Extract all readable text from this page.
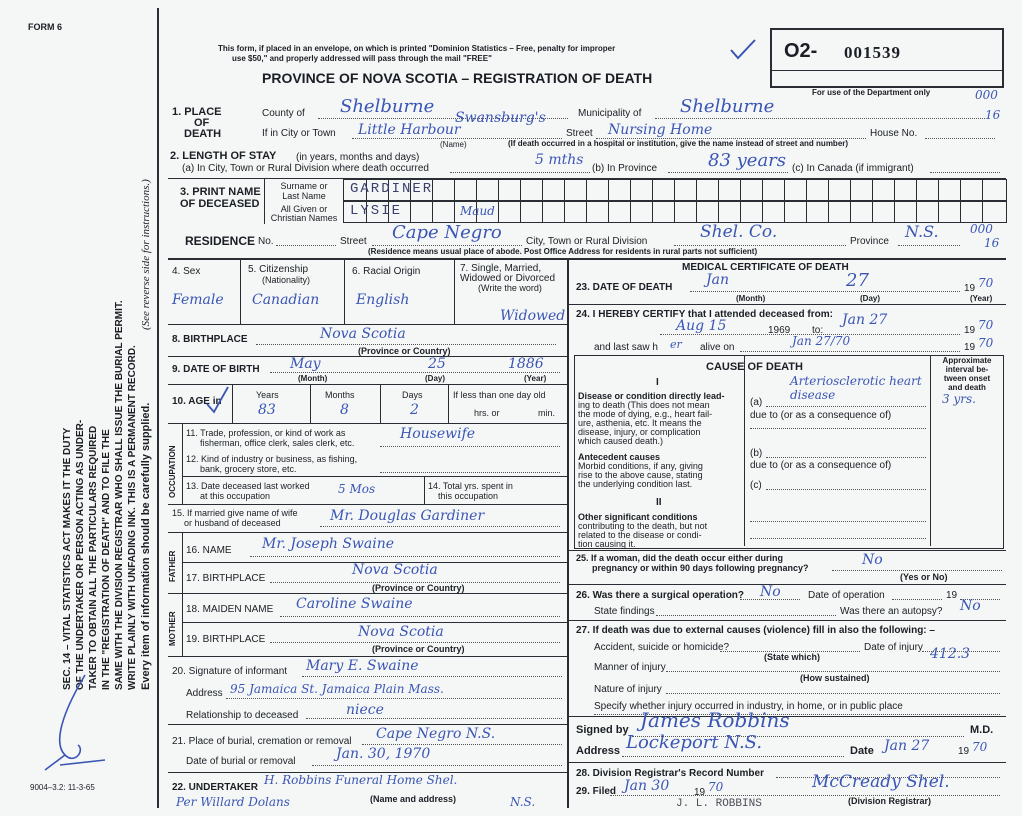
FORM 6
SEC. 14 – VITAL STATISTICS ACT MAKES IT THE DUTY OF THE UNDERTAKER OR PERSON ACTING AS UNDER- TAKER TO OBTAIN ALL THE PARTICULARS REQUIRED IN THE "REGISTRATION OF DEATH" AND TO FILE THE SAME WITH THE DIVISION REGISTRAR WHO SHALL ISSUE THE BURIAL PERMIT. WRITE PLAINLY WITH UNFADING INK. THIS IS A PERMANENT RECORD. Every item of information should be carefully supplied.
(See reverse side for instructions.)
9004–3.2: 11-3-65
This form, if placed in an envelope, on which is printed "Dominion Statistics – Free, penalty for improper
use $50," and properly addressed will pass through the mail "FREE"
PROVINCE OF NOVA SCOTIA – REGISTRATION OF DEATH
O2- 001539
For use of the Department only	000
16
1. PLACE
OF
DEATH
County of Shelburne	Municipality of Shelburne
If in City or Town Little Harbour
Swansburg's
(Name)
Street Nursing Home	House No.
(If death occurred in a hospital or institution, give the name instead of street and number)
2. LENGTH OF STAY (in years, months and days)
(a) In City, Town or Rural Division where death occurred
5 mths
(b) In Province	83 years (c) In Canada (if immigrant)
3. PRINT NAME
OF DECEASED
Surname or
Last Name
All Given or
Christian Names
GARDINER
LYSIE	Maud
RESIDENCE No.	Street Cape Negro City, Town or Rural Division	Shel. Co.	Province
N.S.	000
16
(Residence means usual place of abode. Post Office Address for residents in rural parts not sufficient)
4. Sex
Female
5. Citizenship
(Nationality)
Canadian
6. Racial Origin
English
7. Single, Married,
Widowed or Divorced
(Write the word)
Widowed
8. BIRTHPLACE	Nova Scotia
(Province or Country)
9. DATE OF BIRTH May	25	1886
(Month)	(Day)	(Year)
10. AGE in
Years	Months	Days
83	8	2
If less than one day old
hrs. or	min.
OCCUPATION
11. Trade, profession, or kind of work as
fisherman, office clerk, sales clerk, etc.
Housewife
12. Kind of industry or business, as fishing,
bank, grocery store, etc.
13. Date deceased last worked
at this occupation	5 Mos	14. Total yrs. spent in
this occupation
15. If married give name of wife
or husband of deceased	Mr. Douglas Gardiner
FATHER
16. NAME Mr. Joseph Swaine
17. BIRTHPLACE
Nova Scotia
(Province or Country)
MOTHER
18. MAIDEN NAME Caroline Swaine
19. BIRTHPLACE	Nova Scotia
(Province or Country)
20. Signature of informant Mary E. Swaine
Address 95 Jamaica St. Jamaica Plain Mass.
Relationship to deceased	niece
21. Place of burial, cremation or removal
Date of burial or removal
Cape Negro N.S.
Jan. 30, 1970
22. UNDERTAKER
H. Robbins Funeral Home Shel.
Per Willard Dolans	N.S.
(Name and address)
MEDICAL CERTIFICATE OF DEATH
23. DATE OF DEATH Jan	27	19 70
(Month)	(Day)	(Year)
24. I HEREBY CERTIFY that I attended deceased from:
Aug 15	1969 to:
Jan 27
19 70
and last saw h er alive on	Jan 27/70	19 70
CAUSE OF DEATH
Approximate
interval be-
tween onset
and death
I
Disease or condition directly lead-
ing to death (This does not mean
the mode of dying, e.g., heart fail-
ure, asthenia, etc. It means the
disease, injury, or complication
which caused death.)
(a)
Arteriosclerotic heart disease	3 yrs.
due to (or as a consequence of)
Antecedent causes
Morbid conditions, if any, giving
rise to the above cause, stating
the underlying condition last.
(b)
due to (or as a consequence of)
(c)
II
Other significant conditions
contributing to the death, but not
related to the disease or condi-
tion causing it.
25. If a woman, did the death occur either during
pregnancy or within 90 days following pregnancy?	No
(Yes or No)
26. Was there a surgical operation? No	Date of operation	19
State findings	Was there an autopsy? No
27. If death was due to external causes (violence) fill in also the following: –
Accident, suicide or homicide?
(State which)
Date of injury 412.3
Manner of injury
(How sustained)
Nature of injury
Specify whether injury occurred in industry, in home, or in public place
Signed by James Robbins	M.D.
Address Lockeport N.S.	Date Jan 27	19 70
28. Division Registrar's Record Number
29. Filed Jan 30 19 70	McCready Shel.
(Division Registrar)
J. L. ROBBINS
